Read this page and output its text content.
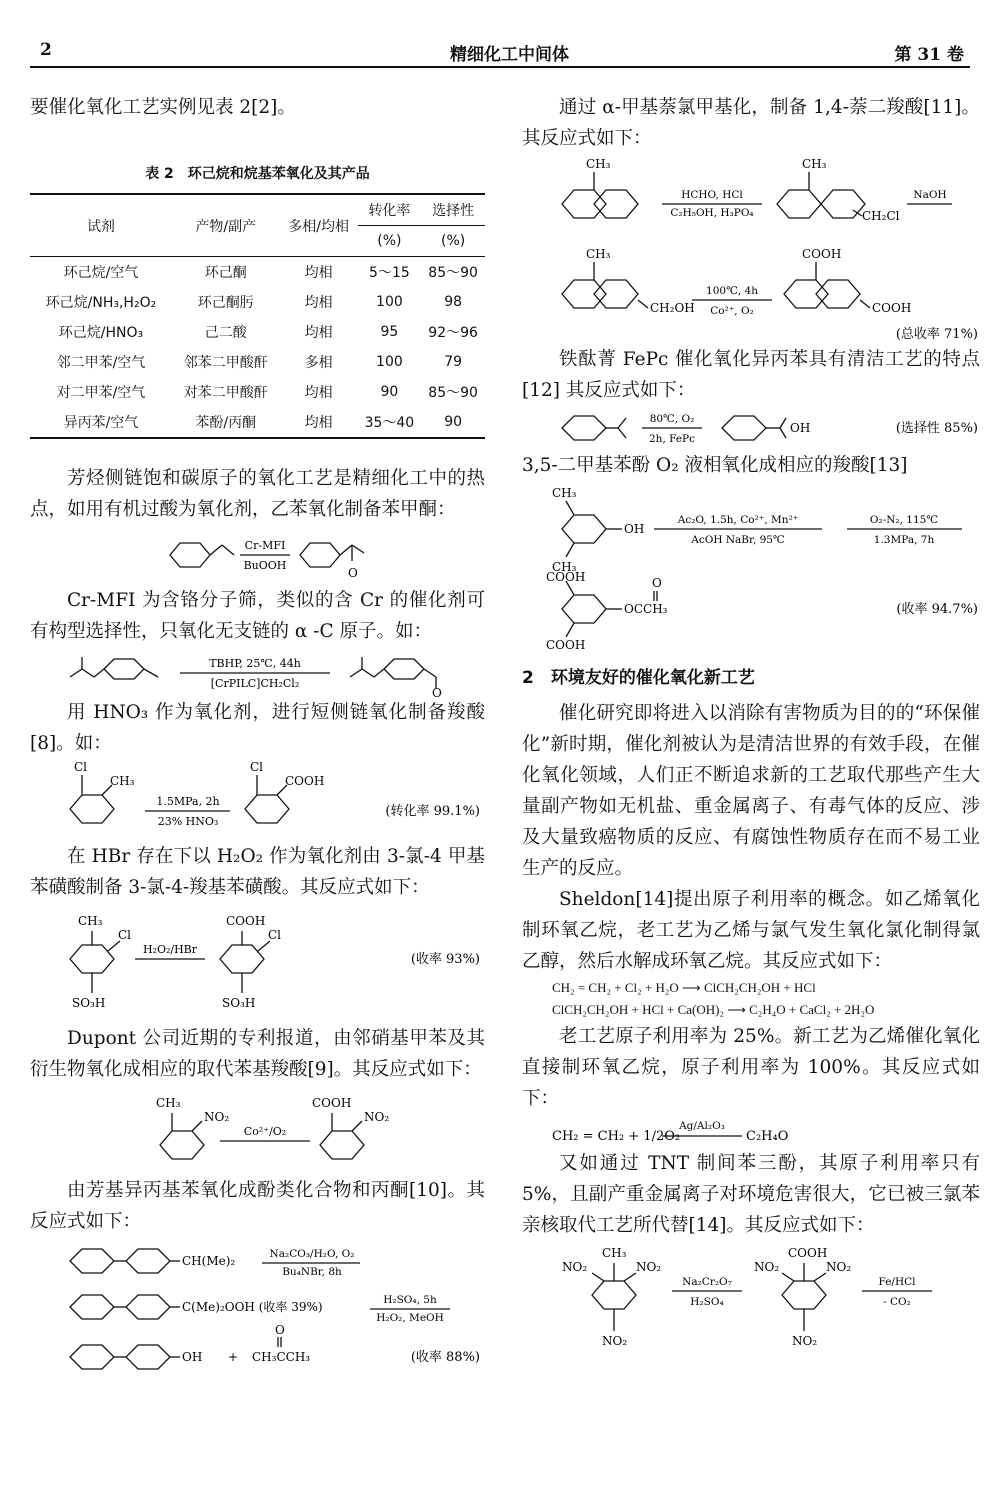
2	精细化工中间体	第 31 卷

要催化氧化工艺实例见表 2[2]。

表 2　环己烷和烷基苯氧化及其产品
试剂	产物/副产	多相/均相	转化率	选择性
			(%)	(%)
环己烷/空气	环己酮	均相	5～15	85～90
环己烷/NH₃,H₂O₂	环己酮肟	均相	100	98
环己烷/HNO₃	己二酸	均相	95	92～96
邻二甲苯/空气	邻苯二甲酸酐	多相	100	79
对二甲苯/空气	对苯二甲酸酐	均相	90	85～90
异丙苯/空气	苯酚/丙酮	均相	35～40	90

芳烃侧链饱和碳原子的氧化工艺是精细化工中的热点，如用有机过酸为氧化剂，乙苯氧化制备苯甲酮：

Cr-MFI
BuOOH
O

Cr-MFI 为含铬分子筛，类似的含 Cr 的催化剂可有构型选择性，只氧化无支链的 α -C 原子。如：

TBHP, 25℃, 44h
[CrPILC]CH₂Cl₂
O

用 HNO₃ 作为氧化剂，进行短侧链氧化制备羧酸[8]。如：

Cl
CH₃
1.5MPa, 2h
23% HNO₃
Cl
COOH
(转化率 99.1%)

在 HBr 存在下以 H₂O₂ 作为氧化剂由 3-氯-4 甲基苯磺酸制备 3-氯-4-羧基苯磺酸。其反应式如下：

CH₃
Cl
SO₃H
H₂O₂/HBr
COOH
Cl
SO₃H
(收率 93%)

Dupont 公司近期的专利报道，由邻硝基甲苯及其衍生物氧化成相应的取代苯基羧酸[9]。其反应式如下：

CH₃
NO₂
Co²⁺/O₂
COOH
NO₂

由芳基异丙基苯氧化成酚类化合物和丙酮[10]。其反应式如下：

CH(Me)₂	Na₂CO₃/H₂O, O₂
Bu₄NBr, 8h
C(Me)₂OOH (收率 39%)	H₂SO₄, 5h
H₂O₂, MeOH
OH + CH₃CCH₃
O
(收率 88%)

通过 α-甲基萘氯甲基化，制备 1,4-萘二羧酸[11]。其反应式如下：

CH₃
HCHO, HCl
C₂H₅OH, H₃PO₄
CH₃
CH₂Cl
NaOH
CH₃
CH₂OH
100℃, 4h
Co²⁺, O₂
COOH
COOH
(总收率 71%)

铁酞菁 FePc 催化氧化异丙苯具有清洁工艺的特点[12] 其反应式如下：

80℃, O₂
2h, FePc
OH	(选择性 85%)

3,5-二甲基苯酚 O₂ 液相氧化成相应的羧酸[13]

CH₃
OH
CH₃
Ac₂O, 1.5h, Co²⁺, Mn²⁺
AcOH NaBr, 95℃
O₂-N₂, 115℃
1.3MPa, 7h
COOH	O
OCCH₃
COOH
(收率 94.7%)
2　环境友好的催化氧化新工艺

催化研究即将进入以消除有害物质为目的的“环保催化”新时期，催化剂被认为是清洁世界的有效手段，在催化氧化领域，人们正不断追求新的工艺取代那些产生大量副产物如无机盐、重金属离子、有毒气体的反应、涉及大量致癌物质的反应、有腐蚀性物质存在而不易工业生产的反应。

Sheldon[14]提出原子利用率的概念。如乙烯氧化制环氧乙烷，老工艺为乙烯与氯气发生氧化氯化制得氯乙醇，然后水解成环氧乙烷。其反应式如下：

CH₂ = CH₂ + Cl₂ + H₂O ⟶ ClCH₂CH₂OH + HCl
ClCH₂CH₂OH + HCl + Ca(OH)₂ ⟶ C₂H₄O + CaCl₂ + 2H₂O

老工艺原子利用率为 25%。新工艺为乙烯催化氧化直接制环氧乙烷，原子利用率为 100%。其反应式如下：

CH₂ = CH₂ + 1/2O₂
Ag/Al₂O₃
C₂H₄O

又如通过 TNT 制间苯三酚，其原子利用率只有 5%，且副产重金属离子对环境危害很大，它已被三氯苯亲核取代工艺所代替[14]。其反应式如下：

CH₃
NO₂	NO₂
NO₂
Na₂Cr₂O₇
H₂SO₄
COOH
NO₂	NO₂
NO₂
Fe/HCl
- CO₂
